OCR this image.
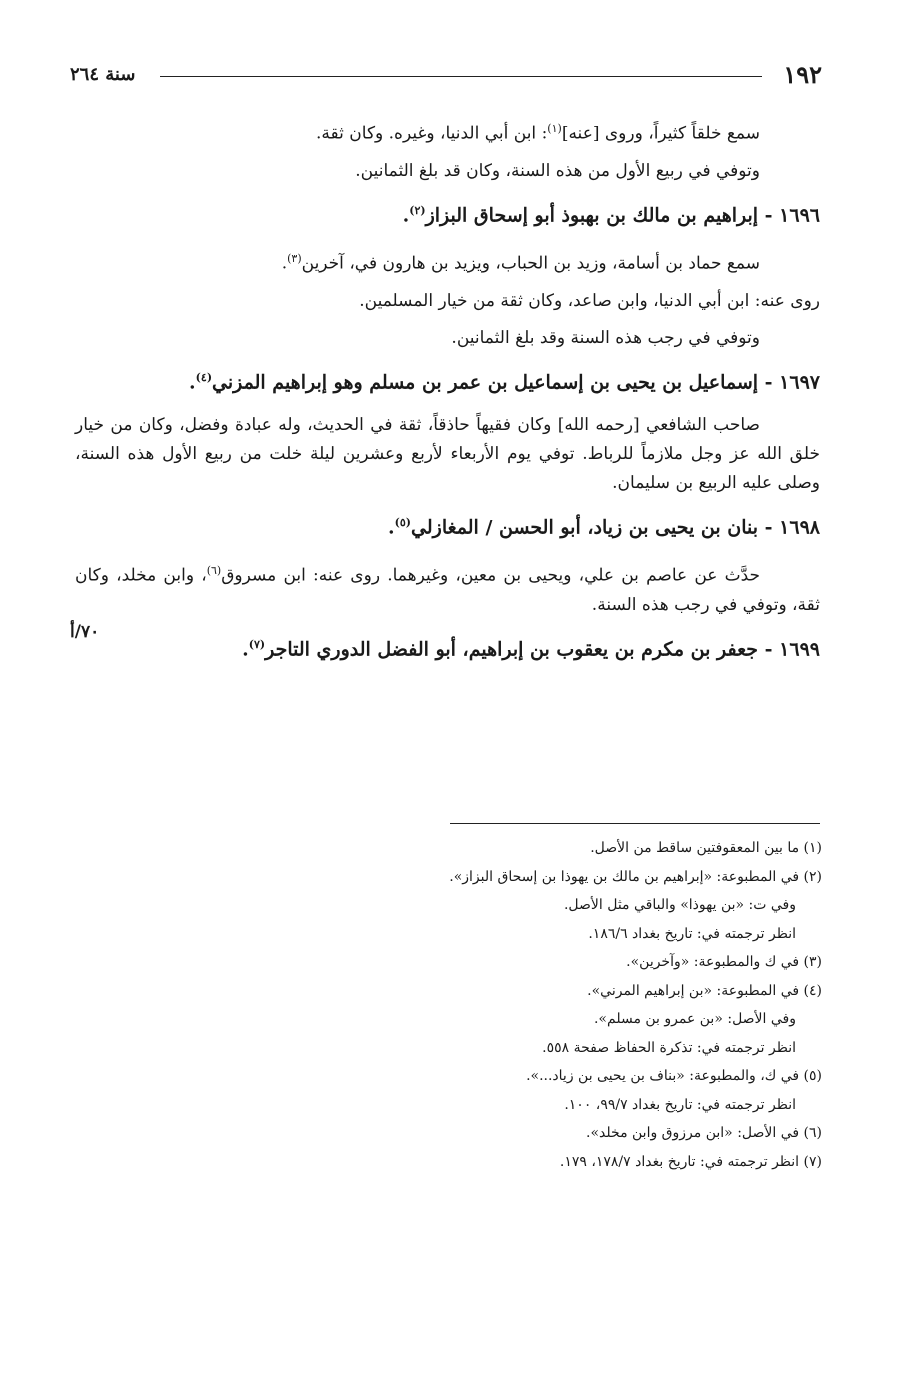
١٩٢
سنة ٢٦٤

سمع خلقاً كثيراً، وروى [عنه]$^{(١)}$: ابن أبي الدنيا، وغيره. وكان ثقة.

وتوفي في ربيع الأول من هذه السنة، وكان قد بلغ الثمانين.

١٦٩٦ - إبراهيم بن مالك بن بهبوذ أبو إسحاق البزاز$^{(٢)}$.

سمع حماد بن أسامة، وزيد بن الحباب، ويزيد بن هارون في، آخرين$^{(٣)}$.

روى عنه: ابن أبي الدنيا، وابن صاعد، وكان ثقة من خيار المسلمين.

وتوفي في رجب هذه السنة وقد بلغ الثمانين.

١٦٩٧ - إسماعيل بن يحيى بن إسماعيل بن عمر بن مسلم وهو إبراهيم المزني$^{(٤)}$.

صاحب الشافعي [رحمه الله] وكان فقيهاً حاذقاً، ثقة في الحديث، وله عبادة وفضل، وكان من خيار خلق الله عز وجل ملازماً للرباط. توفي يوم الأربعاء لأربع وعشرين ليلة خلت من ربيع الأول هذه السنة، وصلى عليه الربيع بن سليمان.

١٦٩٨ - بنان بن يحيى بن زياد، أبو الحسن / المغازلي$^{(٥)}$.

حدَّث عن عاصم بن علي، ويحيى بن معين، وغيرهما. روى عنه: ابن مسروق$^{(٦)}$، وابن مخلد، وكان ثقة، وتوفي في رجب هذه السنة.

١٦٩٩ - جعفر بن مكرم بن يعقوب بن إبراهيم، أبو الفضل الدوري التاجر$^{(٧)}$.

٧٠/أ

(١) ما بين المعقوفتين ساقط من الأصل.

(٢) في المطبوعة: «إبراهيم بن مالك بن يهوذا بن إسحاق البزاز».

وفي ت: «بن يهوذا» والباقي مثل الأصل.

انظر ترجمته في: تاريخ بغداد ١٨٦/٦.

(٣) في ك والمطبوعة: «وآخرين».

(٤) في المطبوعة: «بن إبراهيم المرني».

وفي الأصل: «بن عمرو بن مسلم».

انظر ترجمته في: تذكرة الحفاظ صفحة ٥٥٨.

(٥) في ك، والمطبوعة: «بناف بن يحيى بن زياد...».

انظر ترجمته في: تاريخ بغداد ٩٩/٧، ١٠٠.

(٦) في الأصل: «ابن مرزوق وابن مخلد».

(٧) انظر ترجمته في: تاريخ بغداد ١٧٨/٧، ١٧٩.
